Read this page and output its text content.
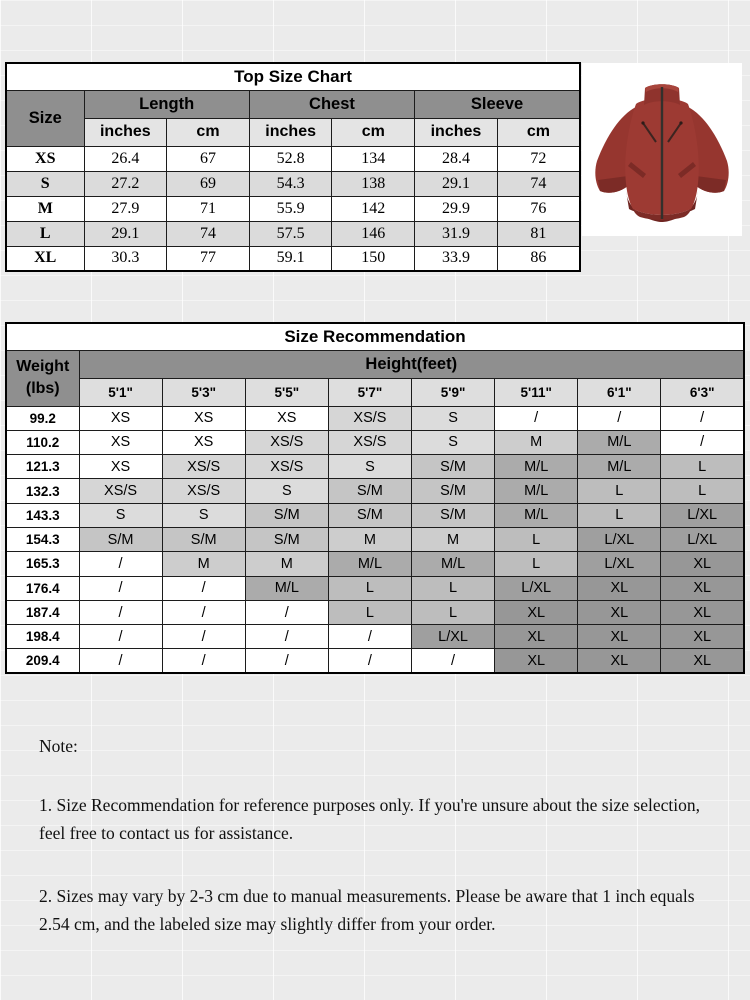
Top Size Chart						
Size	Length		Chest		Sleeve	
	inches	cm	inches	cm	inches	cm
XS	26.4	67	52.8	134	28.4	72
S	27.2	69	54.3	138	29.1	74
M	27.9	71	55.9	142	29.9	76
L	29.1	74	57.5	146	31.9	81
XL	30.3	77	59.1	150	33.9	86
Size Recommendation								

Weight
(lbs)	Height(feet)							
	5'1"	5'3"	5'5"	5'7"	5'9"	5'11"	6'1"	6'3"
99.2	XS	XS	XS	XS/S	S	/	/	/
110.2	XS	XS	XS/S	XS/S	S	M	M/L	/
121.3	XS	XS/S	XS/S	S	S/M	M/L	M/L	L
132.3	XS/S	XS/S	S	S/M	S/M	M/L	L	L
143.3	S	S	S/M	S/M	S/M	M/L	L	L/XL
154.3	S/M	S/M	S/M	M	M	L	L/XL	L/XL
165.3	/	M	M	M/L	M/L	L	L/XL	XL
176.4	/	/	M/L	L	L	L/XL	XL	XL
187.4	/	/	/	L	L	XL	XL	XL
198.4	/	/	/	/	L/XL	XL	XL	XL
209.4	/	/	/	/	/	XL	XL	XL
Note:

1. Size Recommendation for reference purposes only. If you're unsure about the size selection, feel free to contact us for assistance.

2. Sizes may vary by 2-3 cm due to manual measurements. Please be aware that 1 inch equals 2.54 cm, and the labeled size may slightly differ from your order.
